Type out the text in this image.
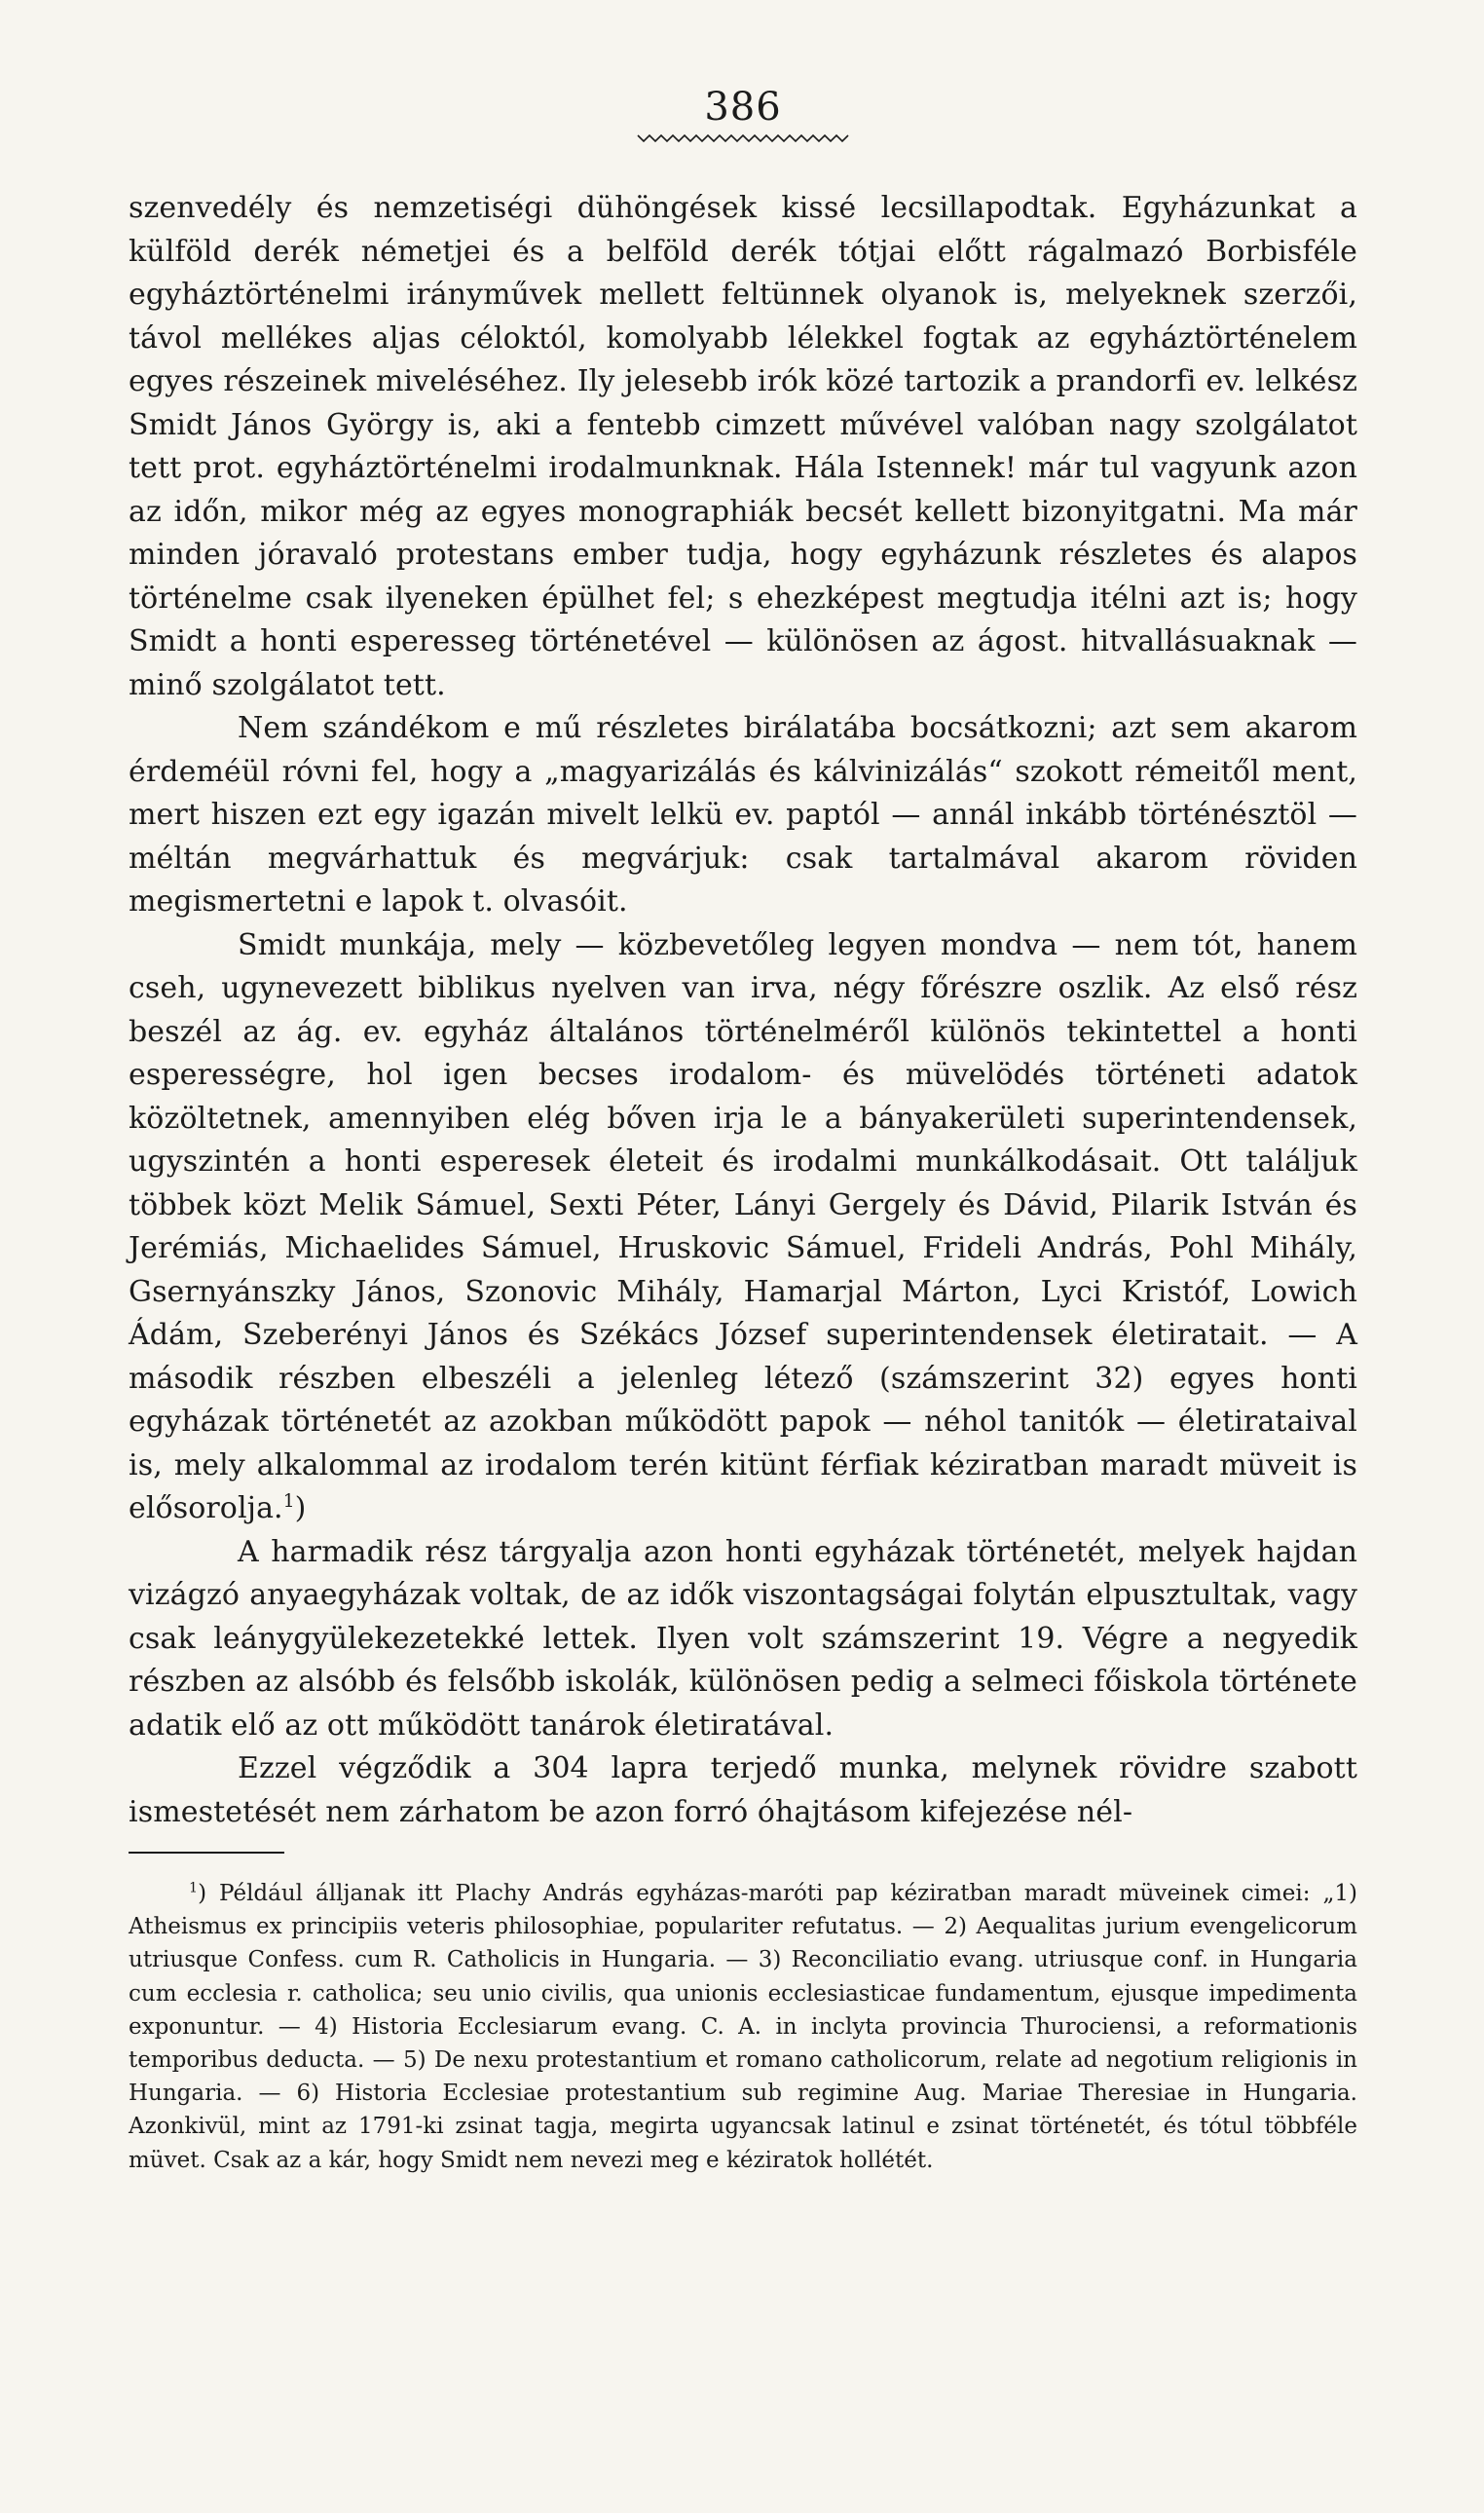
386

szenvedély és nemzetiségi dühöngések kissé lecsillapodtak. Egyházunkat a külföld derék németjei és a belföld derék tótjai előtt rágalmazó Borbisféle egyháztörténelmi irányművek mellett feltünnek olyanok is, melyeknek szerzői, távol mellékes aljas céloktól, komolyabb lélekkel fogtak az egyháztörténelem egyes részeinek miveléséhez. Ily jelesebb irók közé tartozik a prandorfi ev. lelkész Smidt János György is, aki a fentebb cimzett művével valóban nagy szolgálatot tett prot. egyháztörténelmi irodalmunknak. Hála Istennek! már tul vagyunk azon az időn, mikor még az egyes monographiák becsét kellett bizonyitgatni. Ma már minden jóravaló protestans ember tudja, hogy egyházunk részletes és alapos történelme csak ilyeneken épülhet fel; s ehezképest megtudja itélni azt is; hogy Smidt a honti esperesseg történetével — különösen az ágost. hitvallásuaknak — minő szolgálatot tett.

Nem szándékom e mű részletes birálatába bocsátkozni; azt sem akarom érdeméül róvni fel, hogy a „magyarizálás és kálvinizálás“ szokott rémeitől ment, mert hiszen ezt egy igazán mivelt lelkü ev. paptól — annál inkább történésztöl — méltán megvárhattuk és megvárjuk: csak tartalmával akarom röviden megismertetni e lapok t. olvasóit.

Smidt munkája, mely — közbevetőleg legyen mondva — nem tót, hanem cseh, ugynevezett biblikus nyelven van irva, négy főrészre oszlik. Az első rész beszél az ág. ev. egyház általános történelméről különös tekintettel a honti esperességre, hol igen becses irodalom- és müvelödés történeti adatok közöltetnek, amennyiben elég bőven irja le a bányakerületi superintendensek, ugyszintén a honti esperesek életeit és irodalmi munkálkodásait. Ott találjuk többek közt Melik Sámuel, Sexti Péter, Lányi Gergely és Dávid, Pilarik István és Jerémiás, Michaelides Sámuel, Hruskovic Sámuel, Frideli András, Pohl Mihály, Gsernyánszky János, Szonovic Mihály, Hamarjal Márton, Lyci Kristóf, Lowich Ádám, Szeberényi János és Székács József superintendensek életiratait. — A második részben elbeszéli a jelenleg létező (számszerint 32) egyes honti egyházak történetét az azokban működött papok — néhol tanitók — életirataival is, mely alkalommal az irodalom terén kitünt férfiak kéziratban maradt müveit is elősorolja.$^1$)

A harmadik rész tárgyalja azon honti egyházak történetét, melyek hajdan vizágzó anyaegyházak voltak, de az idők viszontagságai folytán elpusztultak, vagy csak leánygyülekezetekké lettek. Ilyen volt számszerint 19. Végre a negyedik részben az alsóbb és felsőbb iskolák, különösen pedig a selmeci főiskola története adatik elő az ott működött tanárok életiratával.

Ezzel végződik a 304 lapra terjedő munka, melynek rövidre szabott ismestetését nem zárhatom be azon forró óhajtásom kifejezése nél-

$^1$) Például álljanak itt Plachy András egyházas-maróti pap kéziratban maradt müveinek cimei: „1) Atheismus ex principiis veteris philosophiae, populariter refutatus. — 2) Aequalitas jurium evengelicorum utriusque Confess. cum R. Catholicis in Hungaria. — 3) Reconciliatio evang. utriusque conf. in Hungaria cum ecclesia r. catholica; seu unio civilis, qua unionis ecclesiasticae fundamentum, ejusque impedimenta exponuntur. — 4) Historia Ecclesiarum evang. C. A. in inclyta provincia Thurociensi, a reformationis temporibus deducta. — 5) De nexu protestantium et romano catholicorum, relate ad negotium religionis in Hungaria. — 6) Historia Ecclesiae protestantium sub regimine Aug. Mariae Theresiae in Hungaria. Azonkivül, mint az 1791-ki zsinat tagja, megirta ugyancsak latinul e zsinat történetét, és tótul többféle müvet. Csak az a kár, hogy Smidt nem nevezi meg e kéziratok hollétét.
